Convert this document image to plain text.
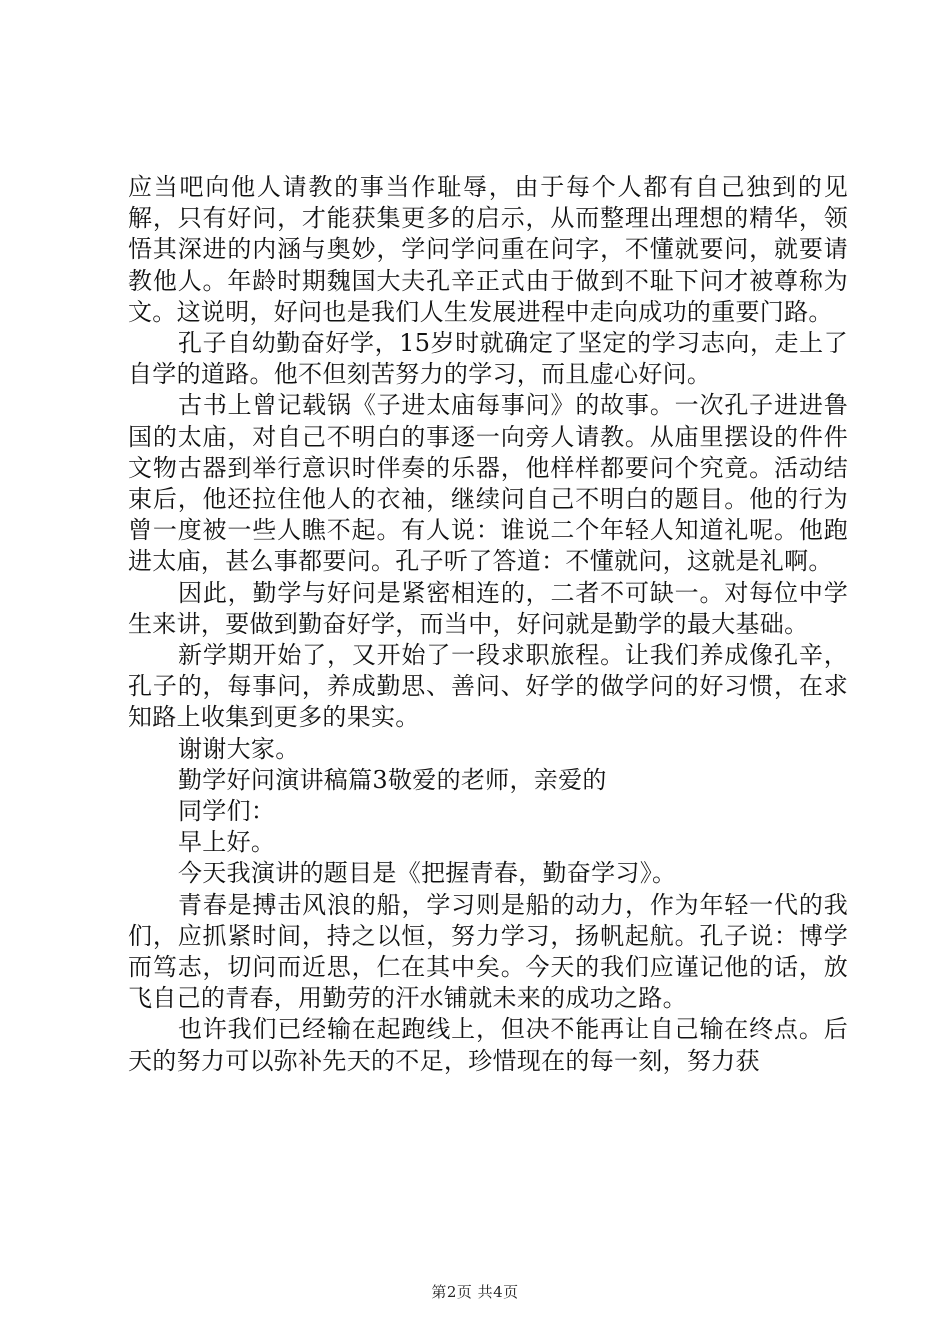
应当吧向他人请教的事当作耻辱，由于每个人都有自己独到的见解，只有好问，才能获集更多的启示，从而整理出理想的精华，领悟其深进的内涵与奥妙，学问学问重在问字，不懂就要问，就要请教他人。年龄时期魏国大夫孔辛正式由于做到不耻下问才被尊称为文。这说明，好问也是我们人生发展进程中走向成功的重要门路。

孔子自幼勤奋好学，15岁时就确定了坚定的学习志向，走上了自学的道路。他不但刻苦努力的学习，而且虚心好问。

古书上曾记载锅《子进太庙每事问》的故事。一次孔子进进鲁国的太庙，对自己不明白的事逐一向旁人请教。从庙里摆设的件件文物古器到举行意识时伴奏的乐器，他样样都要问个究竟。活动结束后，他还拉住他人的衣袖，继续问自己不明白的题目。他的行为曾一度被一些人瞧不起。有人说：谁说二个年轻人知道礼呢。他跑进太庙，甚么事都要问。孔子听了答道：不懂就问，这就是礼啊。

因此，勤学与好问是紧密相连的，二者不可缺一。对每位中学生来讲，要做到勤奋好学，而当中，好问就是勤学的最大基础。

新学期开始了，又开始了一段求职旅程。让我们养成像孔辛，孔子的，每事问，养成勤思、善问、好学的做学问的好习惯，在求知路上收集到更多的果实。

谢谢大家。

勤学好问演讲稿篇3敬爱的老师，亲爱的

同学们：

早上好。

今天我演讲的题目是《把握青春，勤奋学习》。

青春是搏击风浪的船，学习则是船的动力，作为年轻一代的我们，应抓紧时间，持之以恒，努力学习，扬帆起航。孔子说：博学而笃志，切问而近思，仁在其中矣。今天的我们应谨记他的话，放飞自己的青春，用勤劳的汗水铺就未来的成功之路。

也许我们已经输在起跑线上，但决不能再让自己输在终点。后天的努力可以弥补先天的不足，珍惜现在的每一刻，努力获

第2页 共4页
